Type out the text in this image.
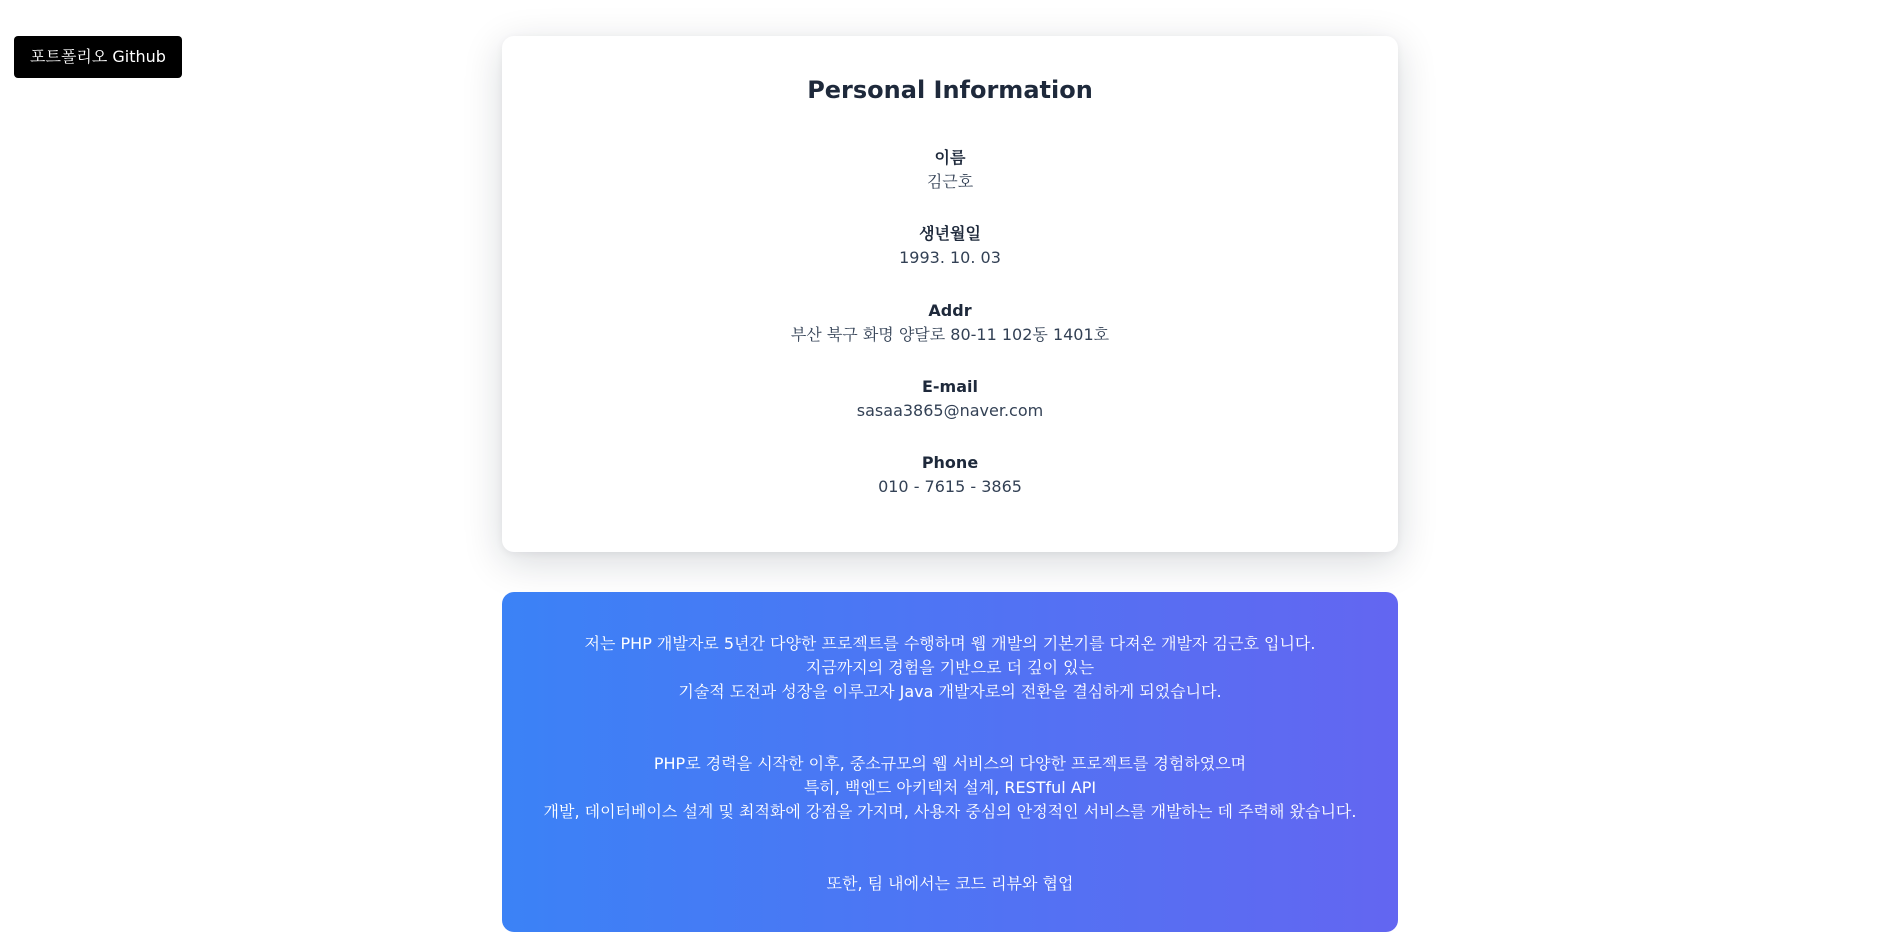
포트폴리오 Github
Personal Information
이름
김근호
생년월일
1993. 10. 03
Addr
부산 북구 화명 양달로 80-11 102동 1401호
E-mail
sasaa3865@naver.com
Phone
010 - 7615 - 3865
저는 PHP 개발자로 5년간 다양한 프로젝트를 수행하며 웹 개발의 기본기를 다져온 개발자 김근호 입니다.
지금까지의 경험을 기반으로 더 깊이 있는
기술적 도전과 성장을 이루고자 Java 개발자로의 전환을 결심하게 되었습니다.
PHP로 경력을 시작한 이후, 중소규모의 웹 서비스의 다양한 프로젝트를 경험하였으며
특히, 백엔드 아키텍처 설계, RESTful API
개발, 데이터베이스 설계 및 최적화에 강점을 가지며, 사용자 중심의 안정적인 서비스를 개발하는 데 주력해 왔습니다.
또한, 팀 내에서는 코드 리뷰와 협업
